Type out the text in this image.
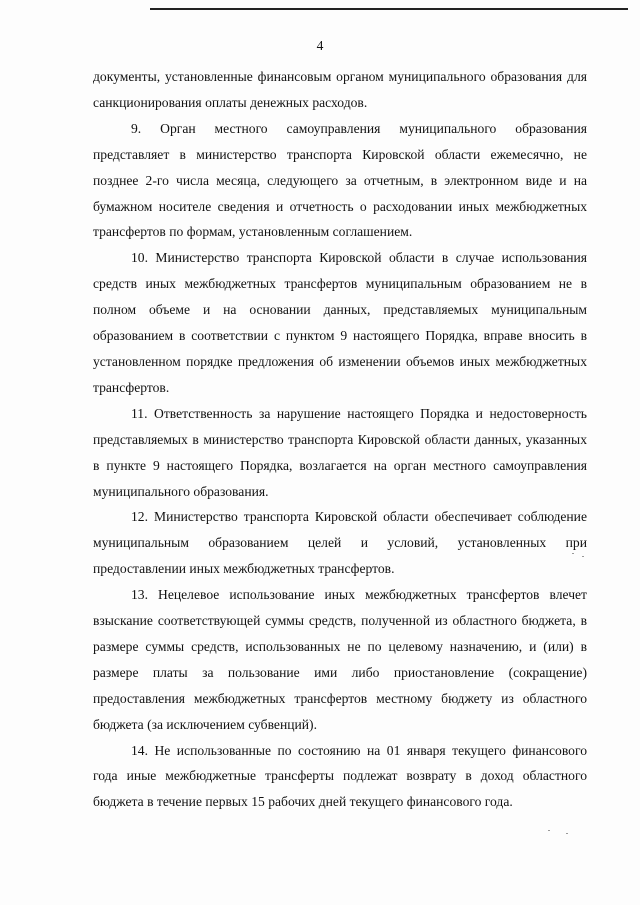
4

документы, установленные финансовым органом муниципального образования для санкционирования оплаты денежных расходов.

9. Орган местного самоуправления муниципального образования представляет в министерство транспорта Кировской области ежемесячно, не позднее 2-го числа месяца, следующего за отчетным, в электронном виде и на бумажном носителе сведения и отчетность о расходовании иных межбюджетных трансфертов по формам, установленным соглашением.

10. Министерство транспорта Кировской области в случае использования средств иных межбюджетных трансфертов муниципальным образованием не в полном объеме и на основании данных, представляемых муниципальным образованием в соответствии с пунктом 9 настоящего Порядка, вправе вносить в установленном порядке предложения об изменении объемов иных межбюджетных трансфертов.

11. Ответственность за нарушение настоящего Порядка и недостоверность представляемых в министерство транспорта Кировской области данных, указанных в пункте 9 настоящего Порядка, возлагается на орган местного самоуправления муниципального образования.

12. Министерство транспорта Кировской области обеспечивает соблюдение муниципальным образованием целей и условий, установленных при предоставлении иных межбюджетных трансфертов.

13. Нецелевое использование иных межбюджетных трансфертов влечет взыскание соответствующей суммы средств, полученной из областного бюджета, в размере суммы средств, использованных не по целевому назначению, и (или) в размере платы за пользование ими либо приостановление (сокращение) предоставления межбюджетных трансфертов местному бюджету из областного бюджета (за исключением субвенций).

14. Не использованные по состоянию на 01 января текущего финансового года иные межбюджетные трансферты подлежат возврату в доход областного бюджета в течение первых 15 рабочих дней текущего финансового года.
